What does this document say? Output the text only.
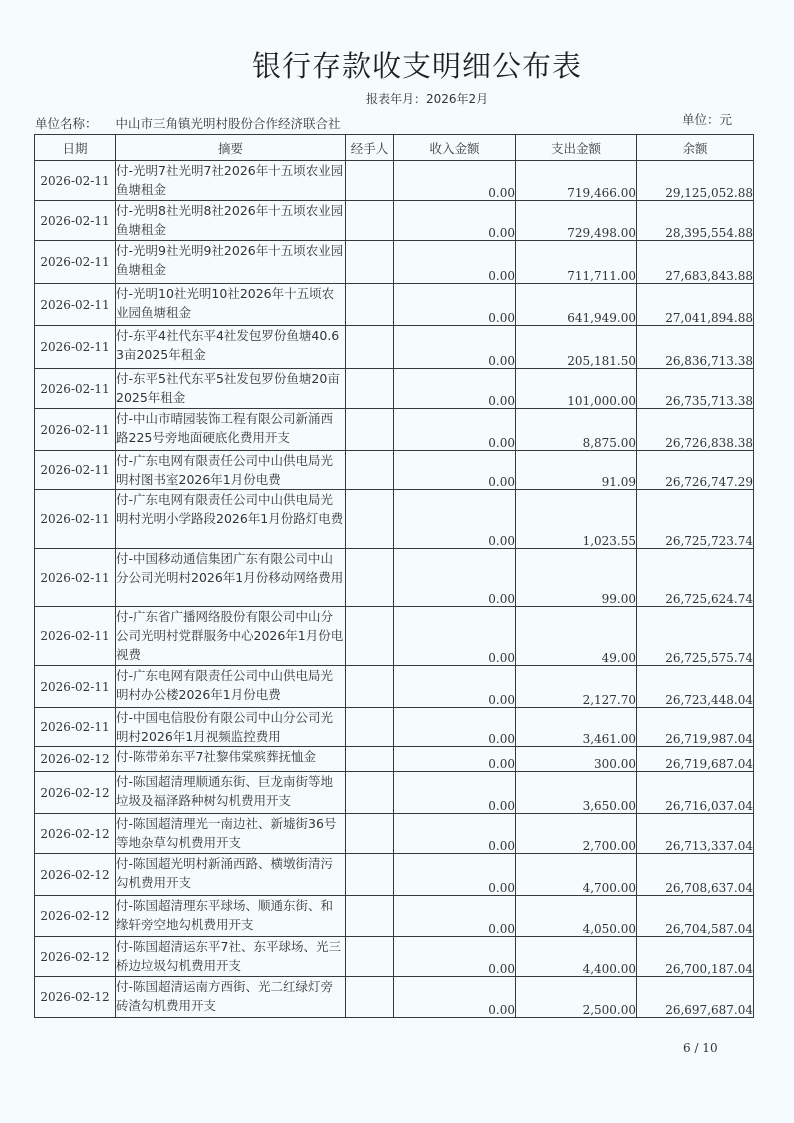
银行存款收支明细公布表
报表年月：2026年2月
单位名称： 中山市三角镇光明村股份合作经济联合社	单位：元
日期	摘要	经手人	收入金额	支出金额	余额
2026-02-11	付-光明7社光明7社2026年十五顷农业园鱼塘租金		0.00	719,466.00	29,125,052.88
2026-02-11	付-光明8社光明8社2026年十五顷农业园鱼塘租金		0.00	729,498.00	28,395,554.88
2026-02-11	付-光明9社光明9社2026年十五顷农业园鱼塘租金		0.00	711,711.00	27,683,843.88
2026-02-11	付-光明10社光明10社2026年十五顷农业园鱼塘租金		0.00	641,949.00	27,041,894.88
2026-02-11	付-东平4社代东平4社发包罗份鱼塘40.63亩2025年租金		0.00	205,181.50	26,836,713.38
2026-02-11	付-东平5社代东平5社发包罗份鱼塘20亩2025年租金		0.00	101,000.00	26,735,713.38
2026-02-11	付-中山市晴园装饰工程有限公司新涌西路225号旁地面硬底化费用开支		0.00	8,875.00	26,726,838.38
2026-02-11	付-广东电网有限责任公司中山供电局光明村图书室2026年1月份电费		0.00	91.09	26,726,747.29
2026-02-11	付-广东电网有限责任公司中山供电局光明村光明小学路段2026年1月份路灯电费		0.00	1,023.55	26,725,723.74
2026-02-11	付-中国移动通信集团广东有限公司中山分公司光明村2026年1月份移动网络费用		0.00	99.00	26,725,624.74
2026-02-11	付-广东省广播网络股份有限公司中山分公司光明村党群服务中心2026年1月份电视费		0.00	49.00	26,725,575.74
2026-02-11	付-广东电网有限责任公司中山供电局光明村办公楼2026年1月份电费		0.00	2,127.70	26,723,448.04
2026-02-11	付-中国电信股份有限公司中山分公司光明村2026年1月视频监控费用		0.00	3,461.00	26,719,987.04
2026-02-12	付-陈带弟东平7社黎伟棠殡葬抚恤金		0.00	300.00	26,719,687.04
2026-02-12	付-陈国超清理顺通东街、巨龙南街等地垃圾及福泽路种树勾机费用开支		0.00	3,650.00	26,716,037.04
2026-02-12	付-陈国超清理光一南边社、新墟街36号等地杂草勾机费用开支		0.00	2,700.00	26,713,337.04
2026-02-12	付-陈国超光明村新涌西路、横墩街清污勾机费用开支		0.00	4,700.00	26,708,637.04
2026-02-12	付-陈国超清理东平球场、顺通东街、和缘轩旁空地勾机费用开支		0.00	4,050.00	26,704,587.04
2026-02-12	付-陈国超清运东平7社、东平球场、光三桥边垃圾勾机费用开支		0.00	4,400.00	26,700,187.04
2026-02-12	付-陈国超清运南方西街、光二红绿灯旁砖渣勾机费用开支		0.00	2,500.00	26,697,687.04
6 / 10
